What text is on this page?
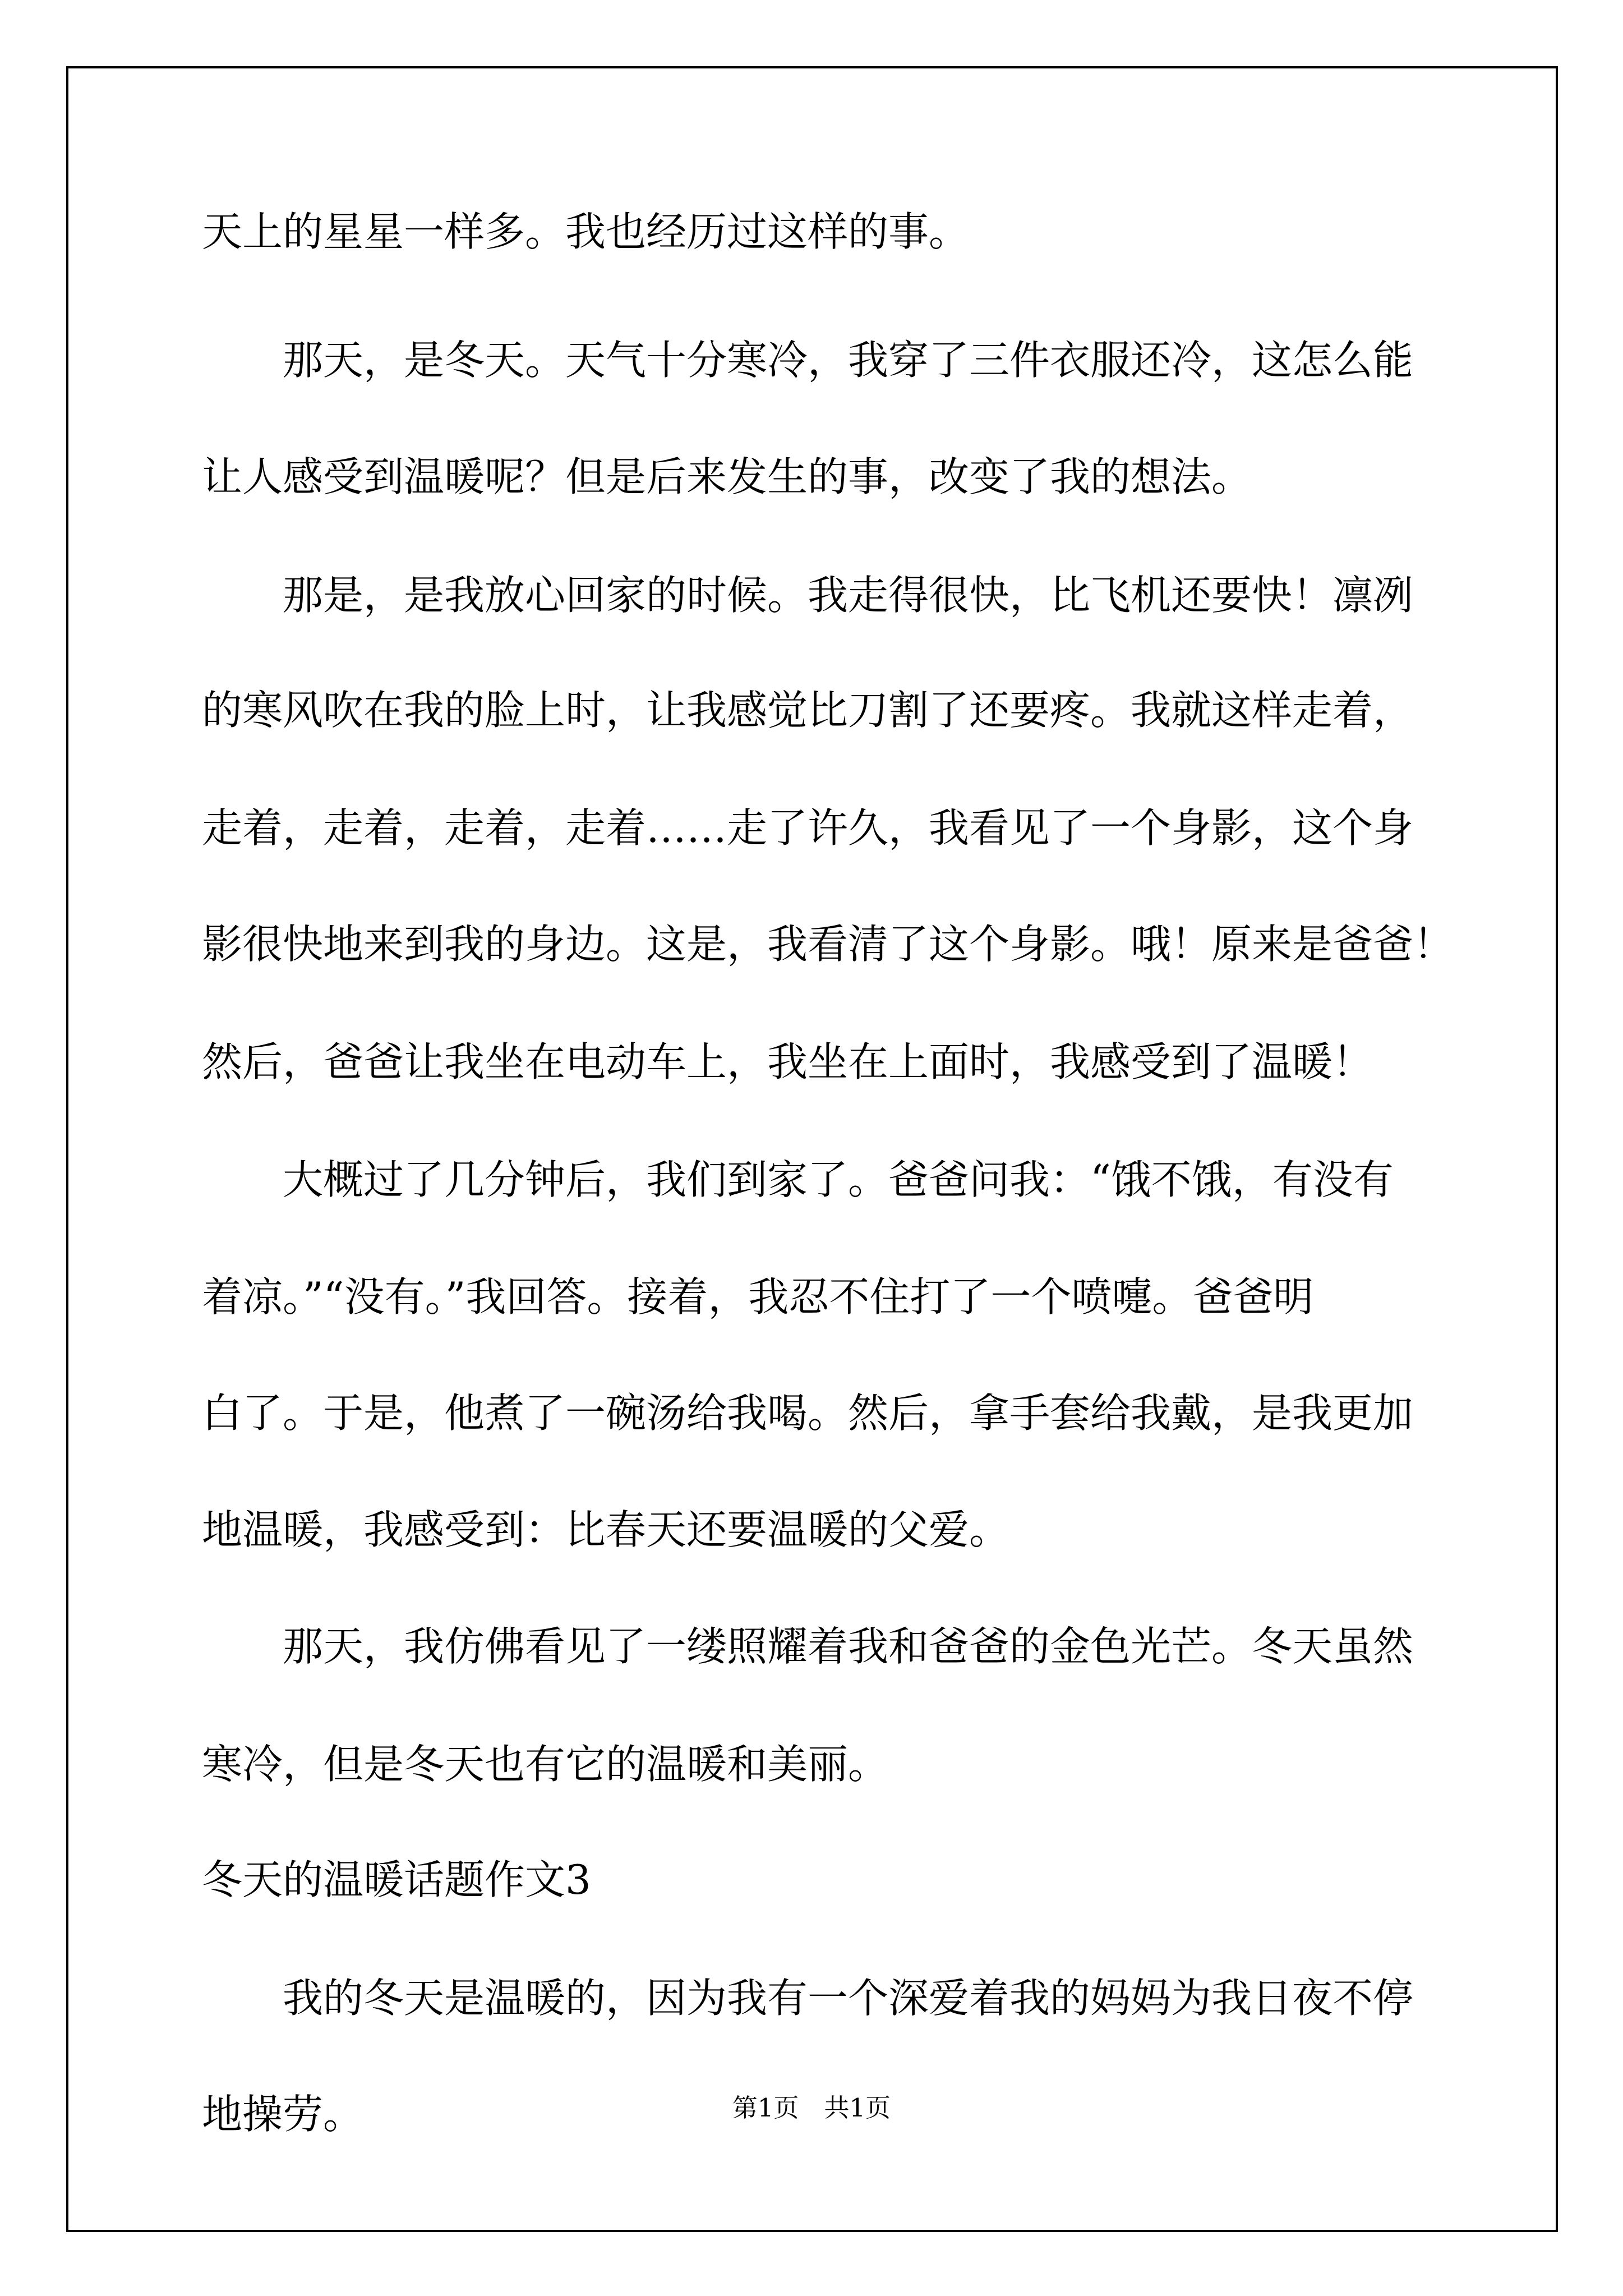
天上的星星一样多。我也经历过这样的事。
那天，是冬天。天气十分寒冷，我穿了三件衣服还冷，这怎么能
让人感受到温暖呢？但是后来发生的事，改变了我的想法。
那是，是我放心回家的时候。我走得很快，比飞机还要快！凛冽
的寒风吹在我的脸上时，让我感觉比刀割了还要疼。我就这样走着，
走着，走着，走着，走着……走了许久，我看见了一个身影，这个身
影很快地来到我的身边。这是，我看清了这个身影。哦！原来是爸爸！
然后，爸爸让我坐在电动车上，我坐在上面时，我感受到了温暖！
大概过了几分钟后，我们到家了。爸爸问我：“饿不饿，有没有
着凉。”“没有。”我回答。接着，我忍不住打了一个喷嚏。爸爸明
白了。于是，他煮了一碗汤给我喝。然后，拿手套给我戴，是我更加
地温暖，我感受到：比春天还要温暖的父爱。
那天，我仿佛看见了一缕照耀着我和爸爸的金色光芒。冬天虽然
寒冷，但是冬天也有它的温暖和美丽。
冬天的温暖话题作文3
我的冬天是温暖的，因为我有一个深爱着我的妈妈为我日夜不停
地操劳。	第1页　共1页
